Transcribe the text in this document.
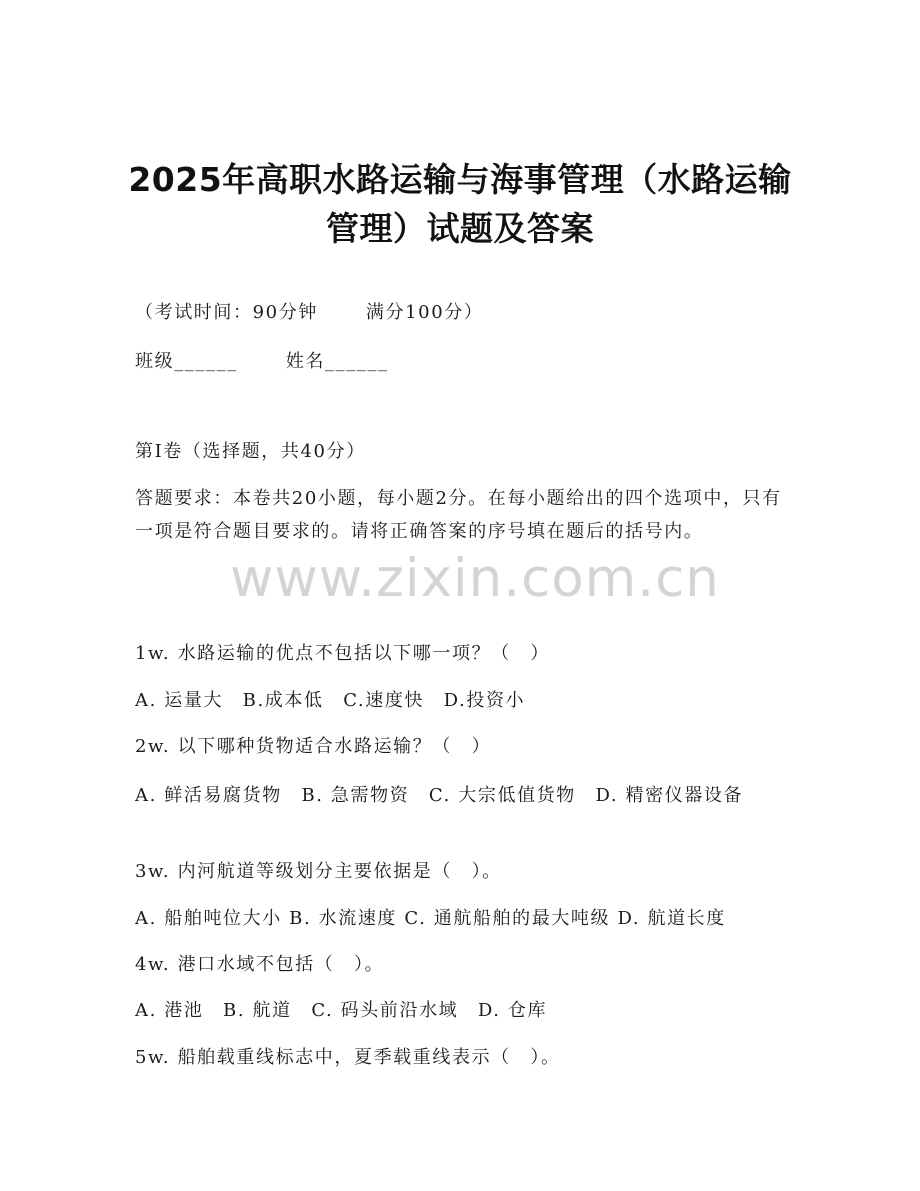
2025年高职水路运输与海事管理（水路运输
管理）试题及答案
（考试时间：90分钟	满分100分）
班级______	姓名______
第I卷（选择题，共40分）
答题要求：本卷共20小题，每小题2分。在每小题给出的四个选项中，只有一项是符合题目要求的。请将正确答案的序号填在题后的括号内。
www.zixin.com.cn
1w. 水路运输的优点不包括以下哪一项？（　）
A. 运量大　B.成本低　C.速度快　D.投资小
2w. 以下哪种货物适合水路运输？（　）
A. 鲜活易腐货物　B. 急需物资　C. 大宗低值货物　D. 精密仪器设备
3w. 内河航道等级划分主要依据是（　）。
A. 船舶吨位大小 B. 水流速度 C. 通航船舶的最大吨级 D. 航道长度
4w. 港口水域不包括（　）。
A. 港池　B. 航道　C. 码头前沿水域　D. 仓库
5w. 船舶载重线标志中，夏季载重线表示（　）。
